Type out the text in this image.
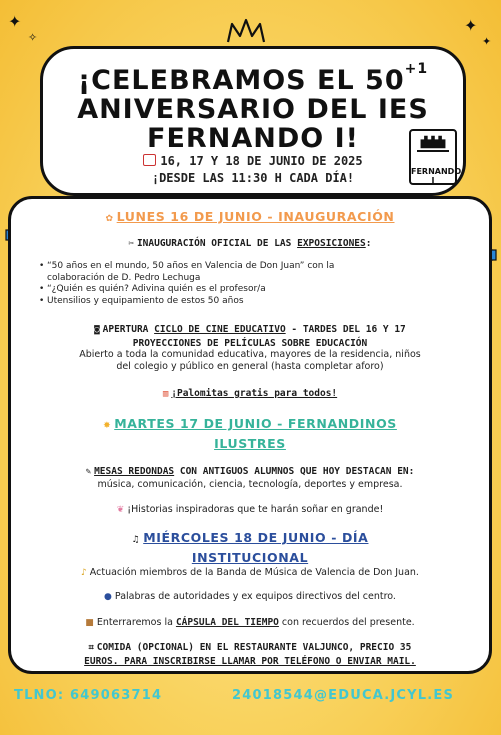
✦
✧
✦
✦
¡CELEBRAMOS EL $50^{+1}$
ANIVERSARIO DEL IES
FERNANDO I!
16, 17 Y 18 DE JUNIO DE 2025
¡DESDE LAS 11:30 H CADA DÍA!	FERNANDO I
✿ LUNES 16 DE JUNIO - INAUGURACIÓN
✂ INAUGURACIÓN OFICIAL DE LAS EXPOSICIONES:
• “50 años en el mundo, 50 años en Valencia de Don Juan” con la
colaboración de D. Pedro Lechuga
• “¿Quién es quién? Adivina quién es el profesor/a
• Utensilios y equipamiento de estos 50 años
◙ APERTURA CICLO DE CINE EDUCATIVO - TARDES DEL 16 Y 17
PROYECCIONES DE PELÍCULAS SOBRE EDUCACIÓN
Abierto a toda la comunidad educativa, mayores de la residencia, niños
del colegio y público en general (hasta completar aforo)
▥ ¡Palomitas gratis para todos!
✸ MARTES 17 DE JUNIO - FERNANDINOS
ILUSTRES
✎ MESAS REDONDAS CON ANTIGUOS ALUMNOS QUE HOY DESTACAN EN:
música, comunicación, ciencia, tecnología, deportes y empresa.
❦ ¡Historias inspiradoras que te harán soñar en grande!
♫ MIÉRCOLES 18 DE JUNIO - DÍA
INSTITUCIONAL
♪ Actuación miembros de la Banda de Música de Valencia de Don Juan.
● Palabras de autoridades y ex equipos directivos del centro.
■ Enterraremos la CÁPSULA DEL TIEMPO con recuerdos del presente.
⌗ COMIDA (OPCIONAL) EN EL RESTAURANTE VALJUNCO, PRECIO 35
EUROS. PARA INSCRIBIRSE LLAMAR POR TELÉFONO O ENVIAR MAIL.
TLNO: 649063714	24018544@EDUCA.JCYL.ES
